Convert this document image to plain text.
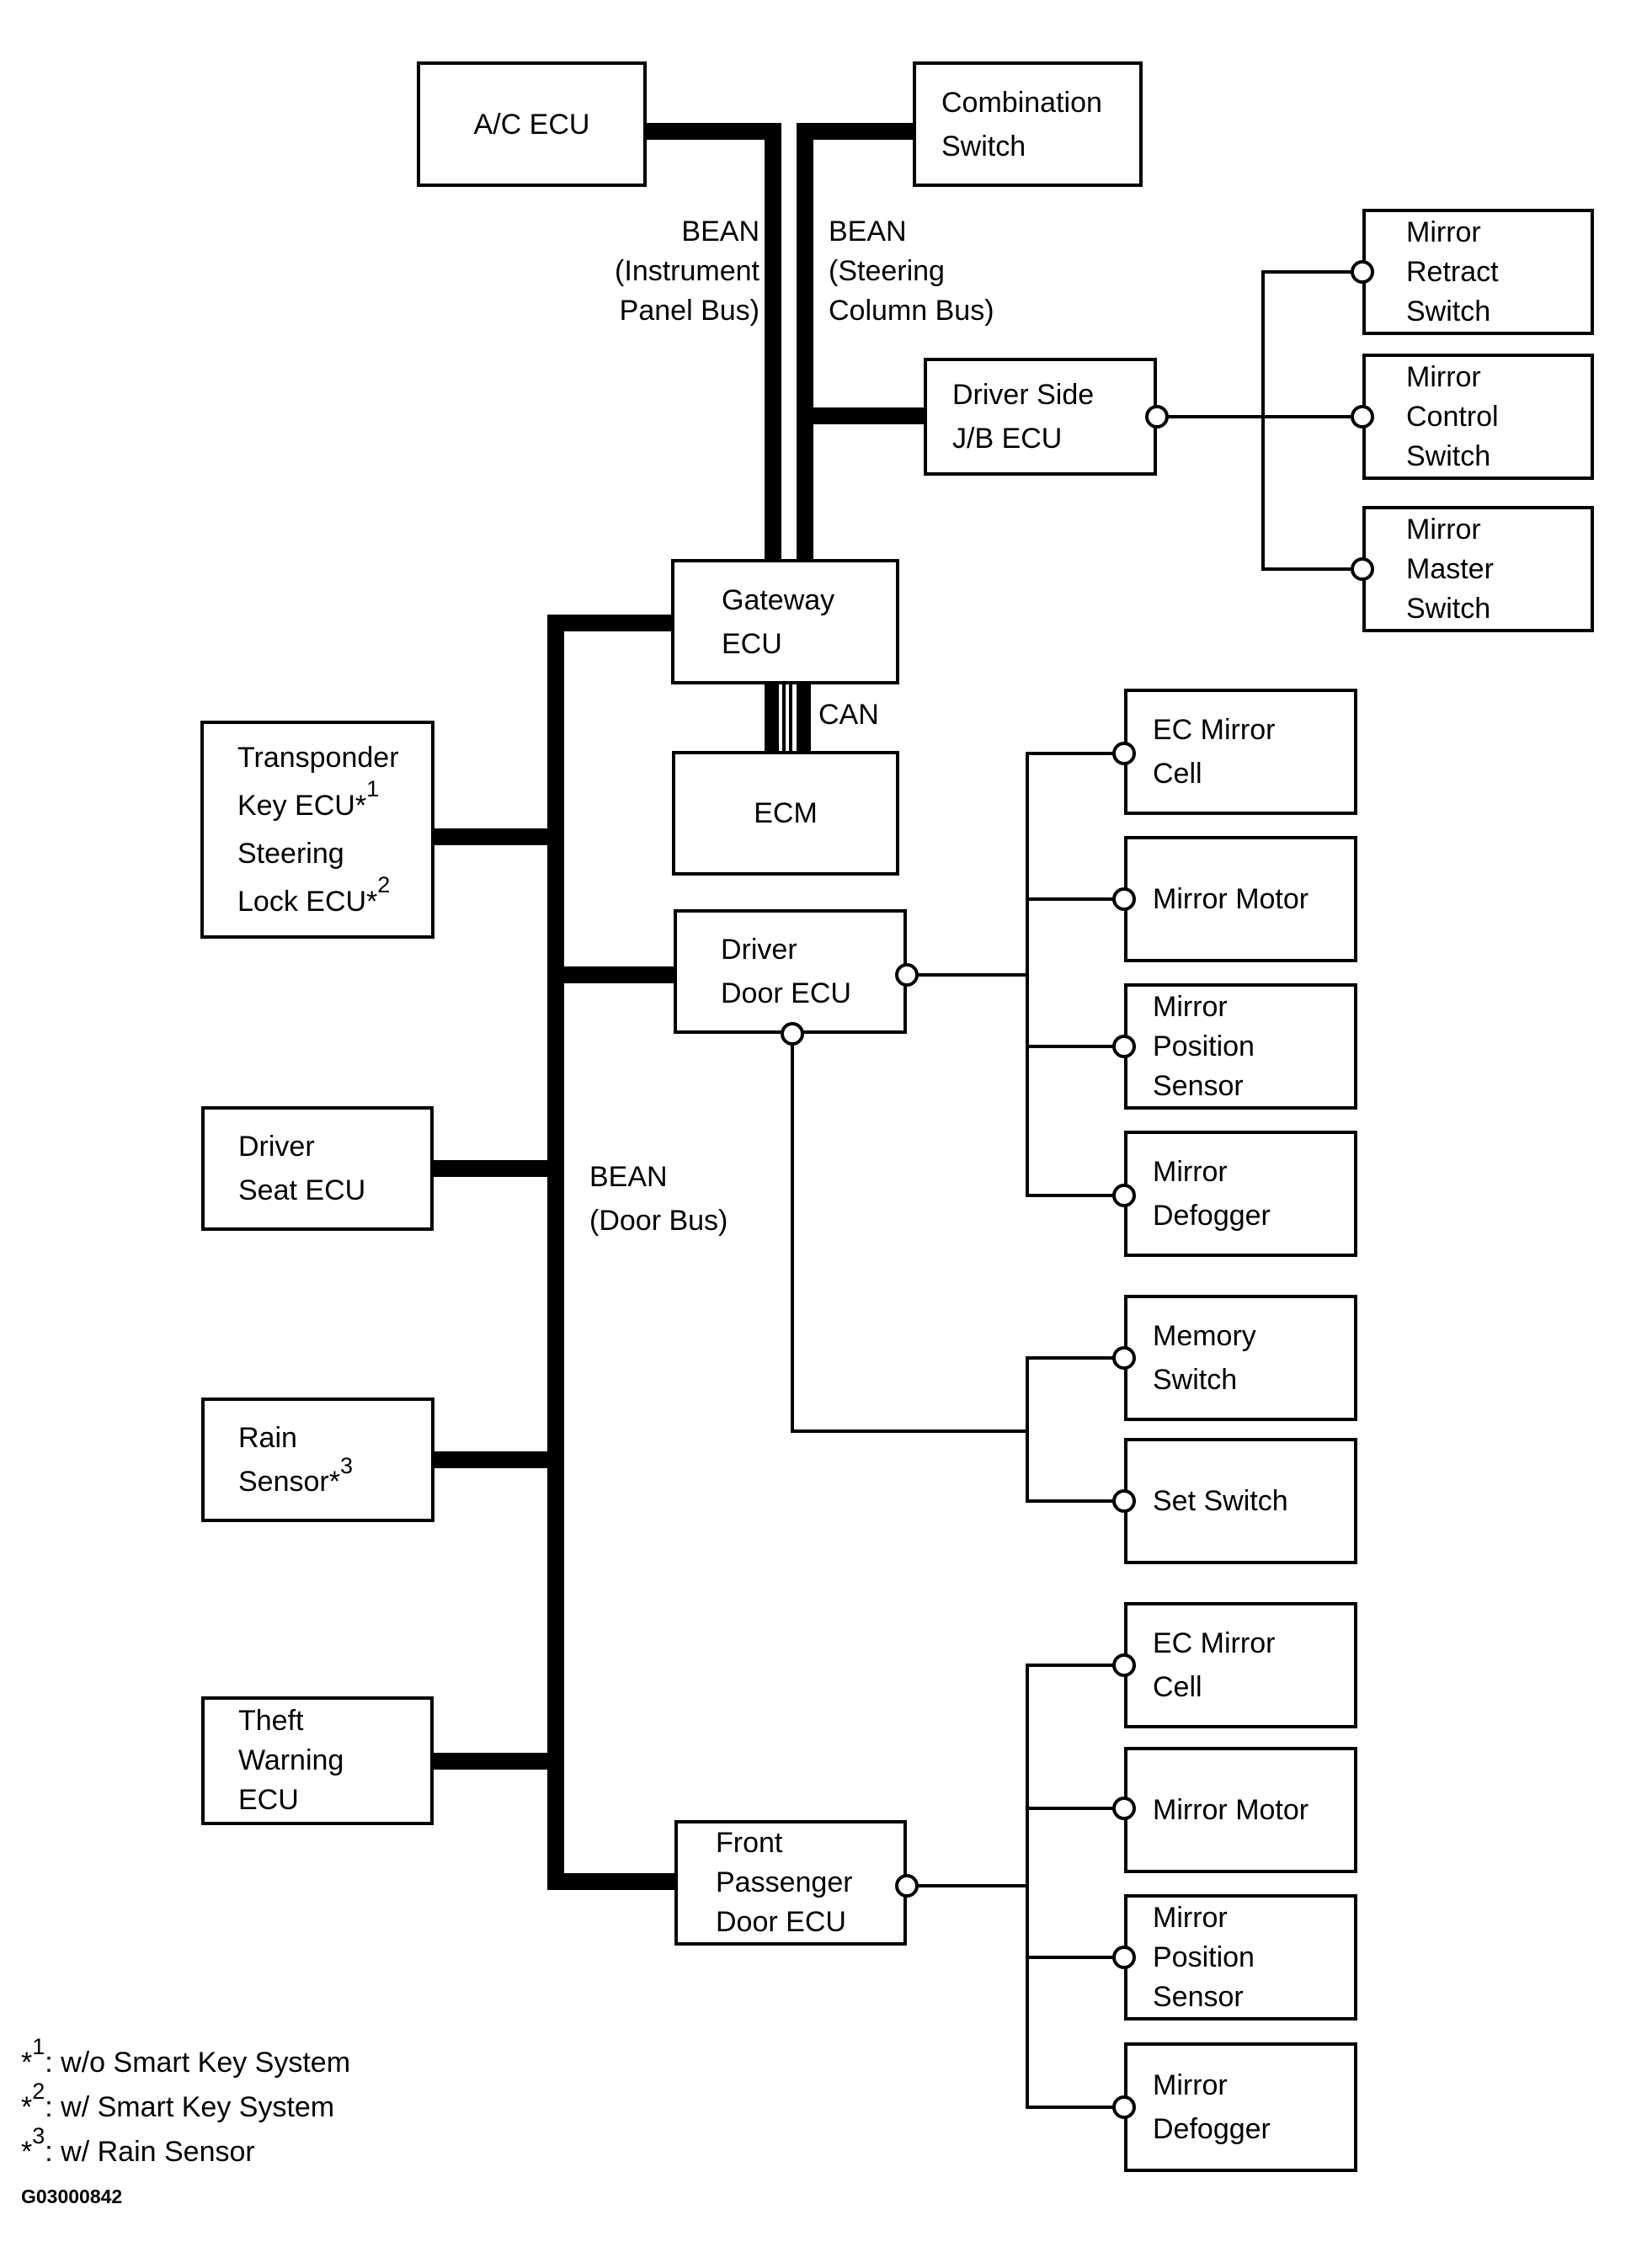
A/C ECU
Combination
Switch
Mirror
Retract
Switch
Driver Side
J/B ECU
Mirror
Control
Switch
Mirror
Master
Switch
Gateway
ECU
ECM
Transponder
Key ECU*$^1$
Steering
Lock ECU*$^2$
EC Mirror
Cell
Mirror Motor
Mirror
Position
Sensor
Mirror
Defogger
Driver
Door ECU
Driver
Seat ECU
Memory
Switch
Set Switch
Rain
Sensor*$^3$
Theft
Warning
ECU
Front
Passenger
Door ECU
EC Mirror
Cell
Mirror Motor
Mirror
Position
Sensor
Mirror
Defogger
BEAN
(Instrument
Panel Bus)
BEAN
(Steering
Column Bus)
CAN
BEAN
(Door Bus)
*$^1$: w/o Smart Key System
*$^2$: w/ Smart Key System
*$^3$: w/ Rain Sensor
G03000842
